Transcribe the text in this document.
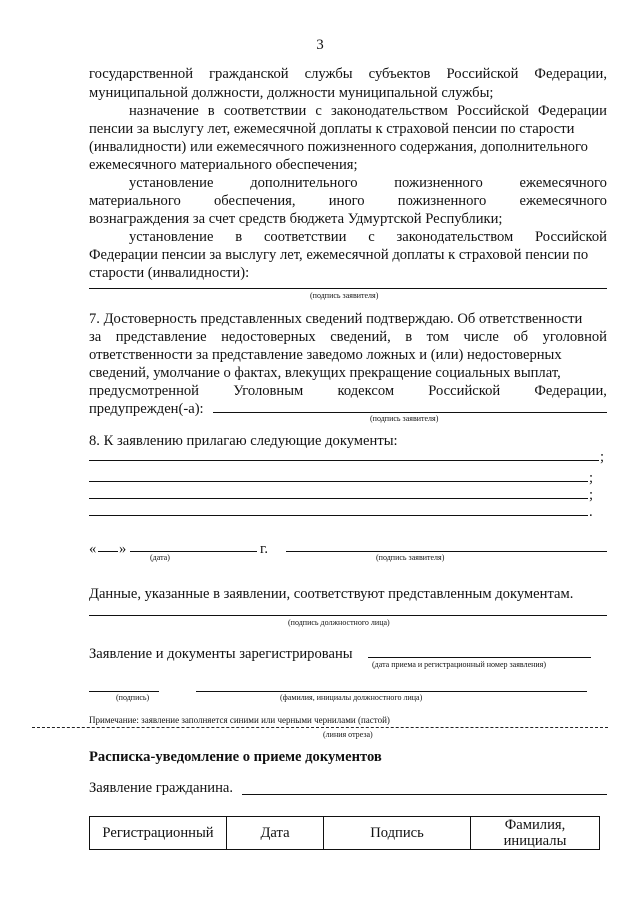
3
государственной гражданской службы субъектов Российской Федерации,
муниципальной должности, должности муниципальной службы;
назначение в соответствии с законодательством Российской Федерации
пенсии за выслугу лет, ежемесячной доплаты к страховой пенсии по старости
(инвалидности) или ежемесячного пожизненного содержания, дополнительного
ежемесячного материального обеспечения;
установление	дополнительного	пожизненного	ежемесячного
материального обеспечения, иного пожизненного ежемесячного
вознаграждения за счет средств бюджета Удмуртской Республики;
установление в соответствии с законодательством Российской
Федерации пенсии за выслугу лет, ежемесячной доплаты к страховой пенсии по
старости (инвалидности):
(подпись заявителя)
7. Достоверность представленных сведений подтверждаю. Об ответственности
за представление недостоверных сведений, в том числе об уголовной
ответственности за представление заведомо ложных и (или) недостоверных
сведений, умолчание о фактах, влекущих прекращение социальных выплат,
предусмотренной Уголовным кодексом Российской Федерации,
предупрежден(-а):
(подпись заявителя)
8. К заявлению прилагаю следующие документы:
;
;
;
.
« »	г.
(дата)	(подпись заявителя)
Данные, указанные в заявлении, соответствуют представленным документам.
(подпись должностного лица)
Заявление и документы зарегистрированы
(дата приема и регистрационный номер заявления)
(подпись)	(фамилия, инициалы должностного лица)
Примечание: заявление заполняется синими или черными чернилами (пастой)
(линия отреза)
Расписка-уведомление о приеме документов
Заявление гражданина.
Регистрационный	Дата	Подпись	Фамилия, инициалы
